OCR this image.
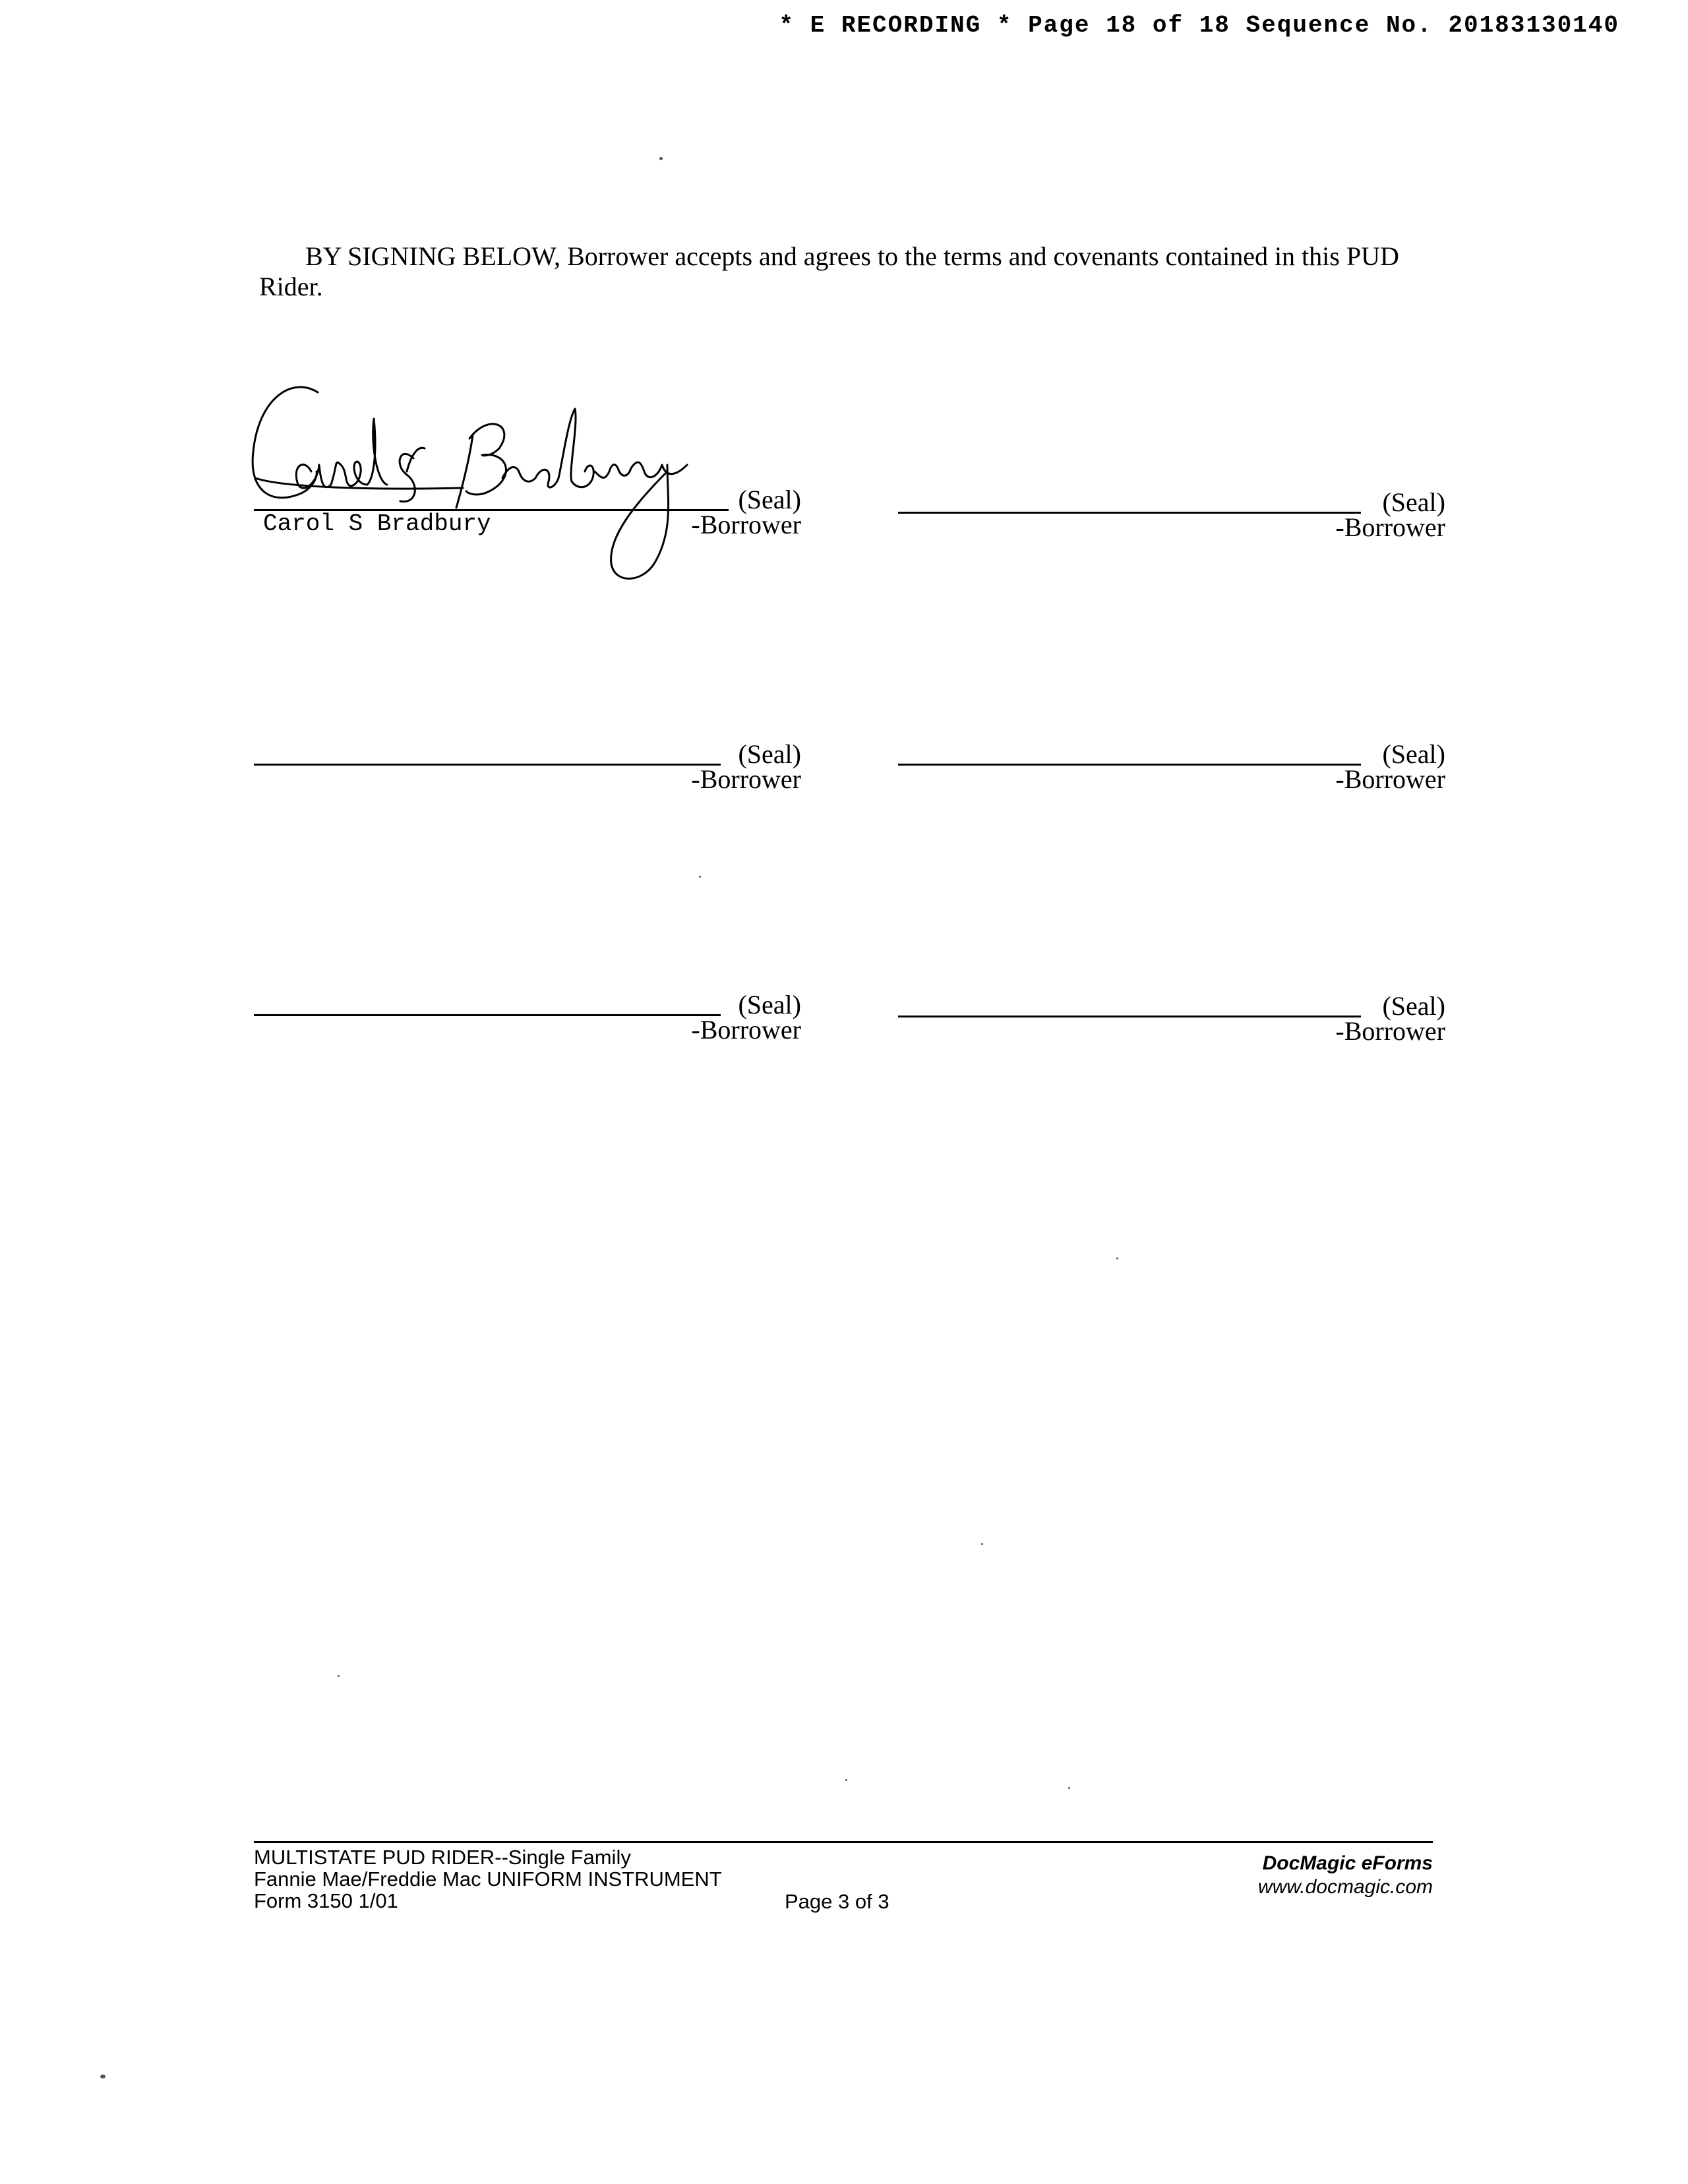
* E RECORDING * Page 18 of 18 Sequence No. 20183130140

BY SIGNING BELOW, Borrower accepts and agrees to the terms and covenants contained in this PUD Rider.

(Seal)
-Borrower
Carol S Bradbury
(Seal)
-Borrower
(Seal)
-Borrower
(Seal)
-Borrower
(Seal)
-Borrower
(Seal)
-Borrower
MULTISTATE PUD RIDER--Single Family
Fannie Mae/Freddie Mac UNIFORM INSTRUMENT
Form 3150 1/01	Page 3 of 3
DocMagic eForms
www.docmagic.com
